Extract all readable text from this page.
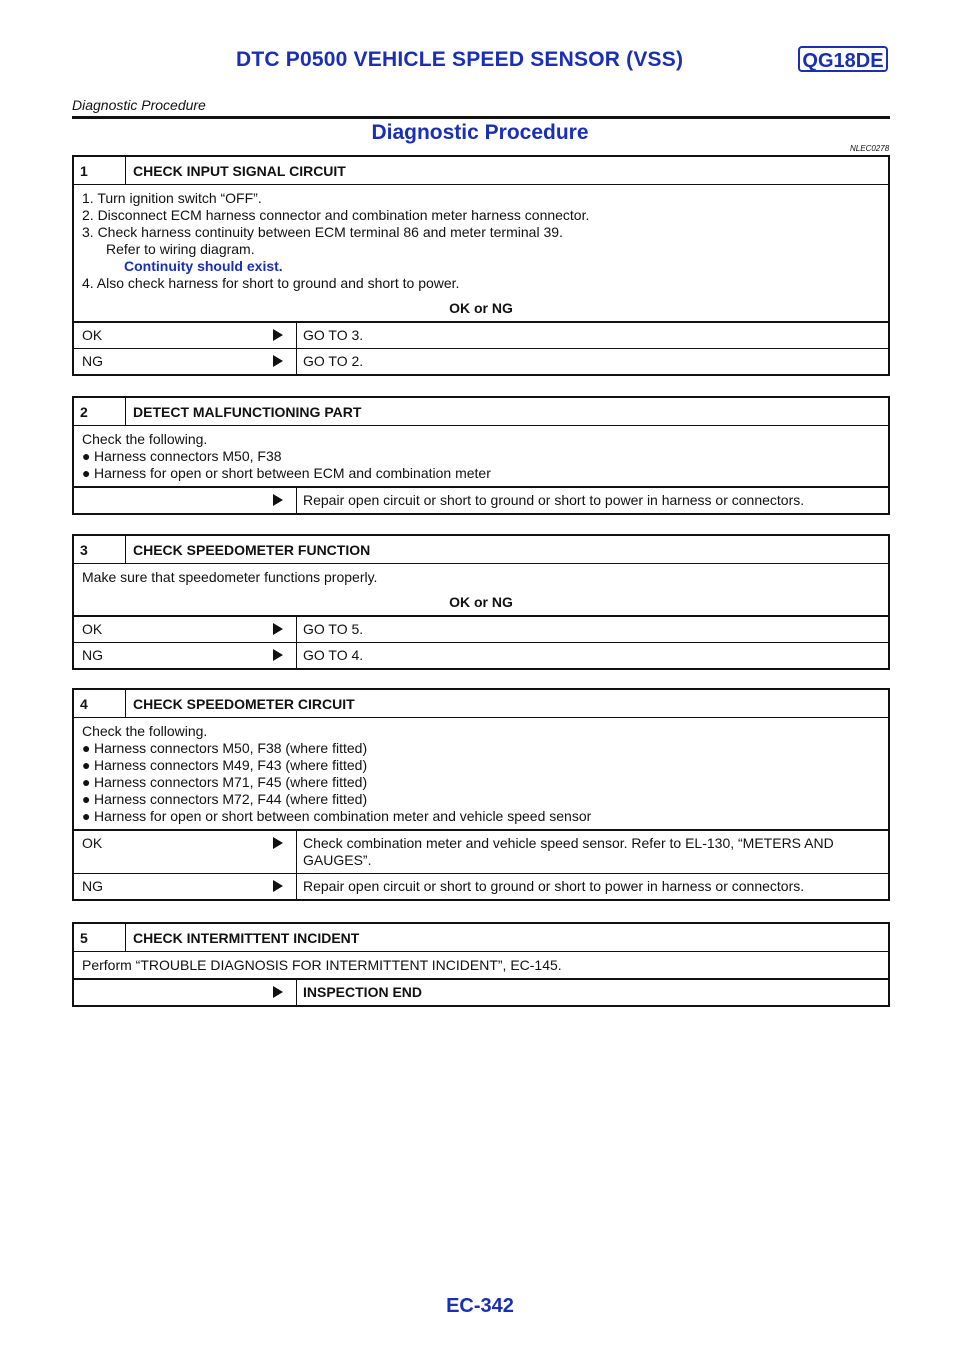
DTC P0500 VEHICLE SPEED SENSOR (VSS)	QG18DE
Diagnostic Procedure
Diagnostic Procedure
NLEC0278
1	CHECK INPUT SIGNAL CIRCUIT
1. Turn ignition switch “OFF”.
2. Disconnect ECM harness connector and combination meter harness connector.
3. Check harness continuity between ECM terminal 86 and meter terminal 39.
Refer to wiring diagram.
Continuity should exist.
4. Also check harness for short to ground and short to power.
OK or NG
OK	GO TO 3.
NG	GO TO 2.
2	DETECT MALFUNCTIONING PART
Check the following.
● Harness connectors M50, F38
● Harness for open or short between ECM and combination meter
Repair open circuit or short to ground or short to power in harness or connectors.
3	CHECK SPEEDOMETER FUNCTION
Make sure that speedometer functions properly.
OK or NG
OK	GO TO 5.
NG	GO TO 4.
4	CHECK SPEEDOMETER CIRCUIT
Check the following.
● Harness connectors M50, F38 (where fitted)
● Harness connectors M49, F43 (where fitted)
● Harness connectors M71, F45 (where fitted)
● Harness connectors M72, F44 (where fitted)
● Harness for open or short between combination meter and vehicle speed sensor
OK	Check combination meter and vehicle speed sensor. Refer to EL-130, “METERS AND GAUGES”.
NG	Repair open circuit or short to ground or short to power in harness or connectors.
5	CHECK INTERMITTENT INCIDENT
Perform “TROUBLE DIAGNOSIS FOR INTERMITTENT INCIDENT”, EC-145.
INSPECTION END
EC-342
